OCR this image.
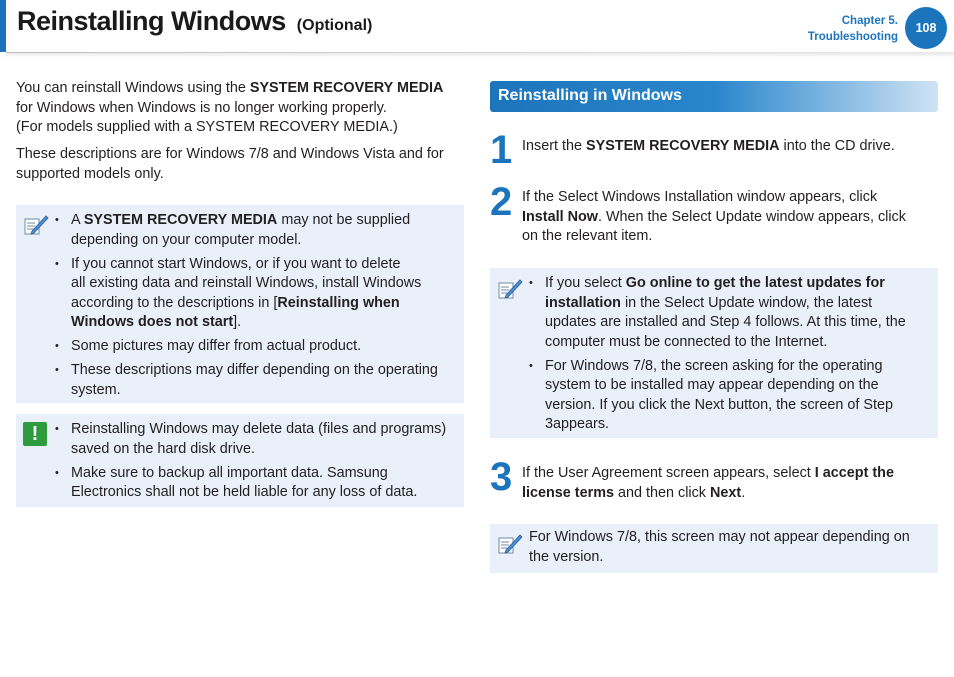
Reinstalling Windows (Optional)	Chapter 5.
Troubleshooting
108
You can reinstall Windows using the SYSTEM RECOVERY MEDIA
for Windows when Windows is no longer working properly.
(For models supplied with a SYSTEM RECOVERY MEDIA.)
These descriptions are for Windows 7/8 and Windows Vista and for
supported models only.
• A SYSTEM RECOVERY MEDIA may not be supplied
depending on your computer model.
• If you cannot start Windows, or if you want to delete
all existing data and reinstall Windows, install Windows
according to the descriptions in [Reinstalling when
Windows does not start].
• Some pictures may differ from actual product.
• These descriptions may differ depending on the operating
system.
!
•	Reinstalling Windows may delete data (files and programs)
saved on the hard disk drive.
• Make sure to backup all important data. Samsung
Electronics shall not be held liable for any loss of data.
Reinstalling in Windows
1 Insert the SYSTEM RECOVERY MEDIA into the CD drive.
2 If the Select Windows Installation window appears, click
Install Now. When the Select Update window appears, click
on the relevant item.
• If you select Go online to get the latest updates for
installation in the Select Update window, the latest
updates are installed and Step 4 follows. At this time, the
computer must be connected to the Internet.
• For Windows 7/8, the screen asking for the operating
system to be installed may appear depending on the
version. If you click the Next button, the screen of Step
3appears.
3 If the User Agreement screen appears, select I accept the
license terms and then click Next.
For Windows 7/8, this screen may not appear depending on
the version.
